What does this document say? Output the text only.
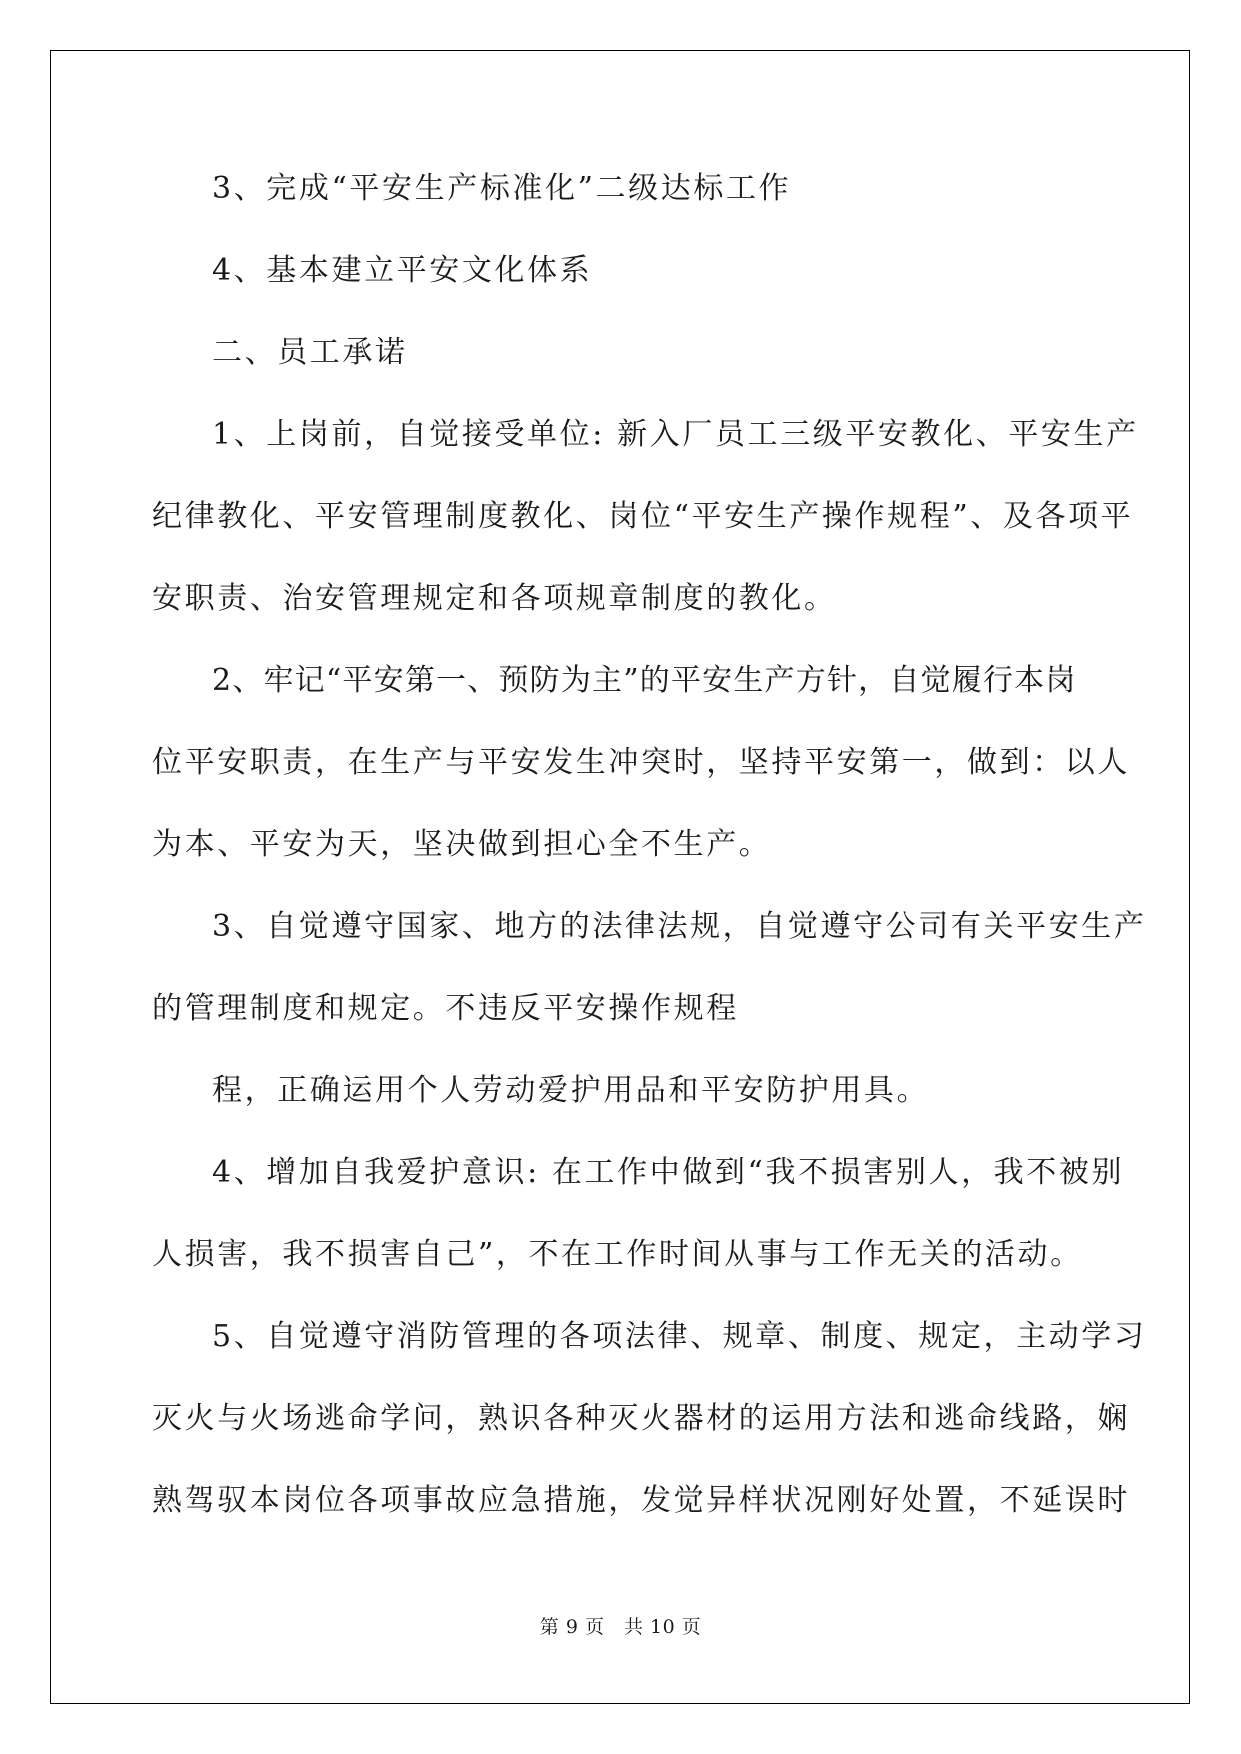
3、完成“平安生产标准化”二级达标工作
4、基本建立平安文化体系
二、员工承诺
1、上岗前，自觉接受单位: 新入厂员工三级平安教化、平安生产
纪律教化、平安管理制度教化、岗位“平安生产操作规程”、及各项平
安职责、治安管理规定和各项规章制度的教化。
2、牢记“平安第一、预防为主”的平安生产方针，自觉履行本岗
位平安职责，在生产与平安发生冲突时，坚持平安第一，做到：以人
为本、平安为天，坚决做到担心全不生产。
3、自觉遵守国家、地方的法律法规，自觉遵守公司有关平安生产
的管理制度和规定。不违反平安操作规程
程，正确运用个人劳动爱护用品和平安防护用具。
4、增加自我爱护意识: 在工作中做到“我不损害别人，我不被别
人损害，我不损害自己”，不在工作时间从事与工作无关的活动。
5、自觉遵守消防管理的各项法律、规章、制度、规定，主动学习
灭火与火场逃命学问，熟识各种灭火器材的运用方法和逃命线路，娴
熟驾驭本岗位各项事故应急措施，发觉异样状况刚好处置，不延误时
第 9 页　共 10 页
